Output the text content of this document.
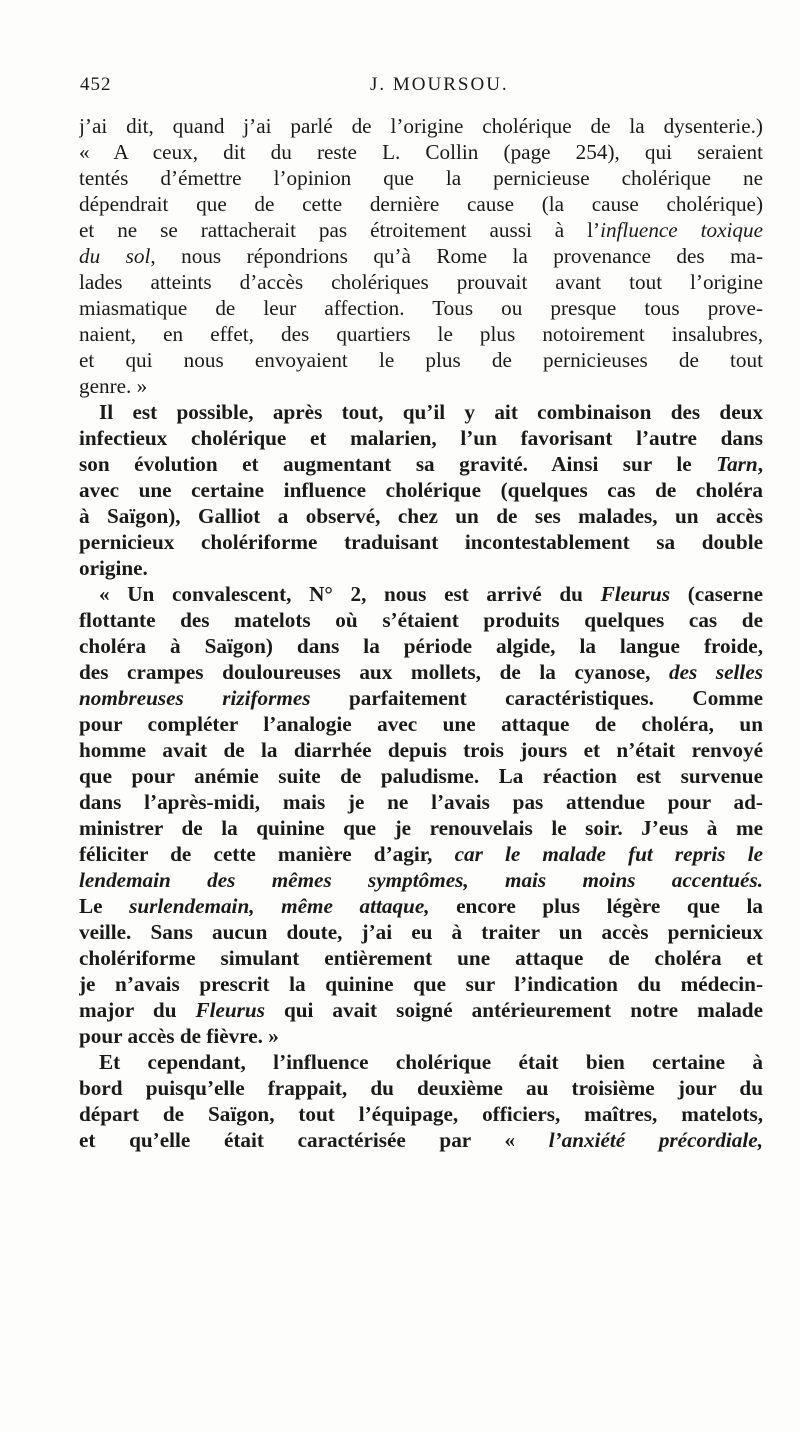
452	J. MOURSOU.
j’ai dit, quand j’ai parlé de l’origine cholérique de la dysenterie.)
« A ceux, dit du reste L. Collin (page 254), qui seraient
tentés d’émettre l’opinion que la pernicieuse cholérique ne
dépendrait que de cette dernière cause (la cause cholérique)
et ne se rattacherait pas étroitement aussi à l’influence toxique
du sol, nous répondrions qu’à Rome la provenance des ma-
lades atteints d’accès cholériques prouvait avant tout l’origine
miasmatique de leur affection. Tous ou presque tous prove-
naient, en effet, des quartiers le plus notoirement insalubres,
et qui nous envoyaient le plus de pernicieuses de tout
genre. »
Il est possible, après tout, qu’il y ait combinaison des deux
infectieux cholérique et malarien, l’un favorisant l’autre dans
son évolution et augmentant sa gravité. Ainsi sur le Tarn,
avec une certaine influence cholérique (quelques cas de choléra
à Saïgon), Galliot a observé, chez un de ses malades, un accès
pernicieux cholériforme traduisant incontestablement sa double
origine.
« Un convalescent, N° 2, nous est arrivé du Fleurus (caserne
flottante des matelots où s’étaient produits quelques cas de
choléra à Saïgon) dans la période algide, la langue froide,
des crampes douloureuses aux mollets, de la cyanose, des selles
nombreuses riziformes parfaitement caractéristiques. Comme
pour compléter l’analogie avec une attaque de choléra, un
homme avait de la diarrhée depuis trois jours et n’était renvoyé
que pour anémie suite de paludisme. La réaction est survenue
dans l’après-midi, mais je ne l’avais pas attendue pour ad-
ministrer de la quinine que je renouvelais le soir. J’eus à me
féliciter de cette manière d’agir, car le malade fut repris le
lendemain des mêmes symptômes, mais moins accentués.
Le surlendemain, même attaque, encore plus légère que la
veille. Sans aucun doute, j’ai eu à traiter un accès pernicieux
cholériforme simulant entièrement une attaque de choléra et
je n’avais prescrit la quinine que sur l’indication du médecin-
major du Fleurus qui avait soigné antérieurement notre malade
pour accès de fièvre. »
Et cependant, l’influence cholérique était bien certaine à
bord puisqu’elle frappait, du deuxième au troisième jour du
départ de Saïgon, tout l’équipage, officiers, maîtres, matelots,
et qu’elle était caractérisée par « l’anxiété précordiale,
